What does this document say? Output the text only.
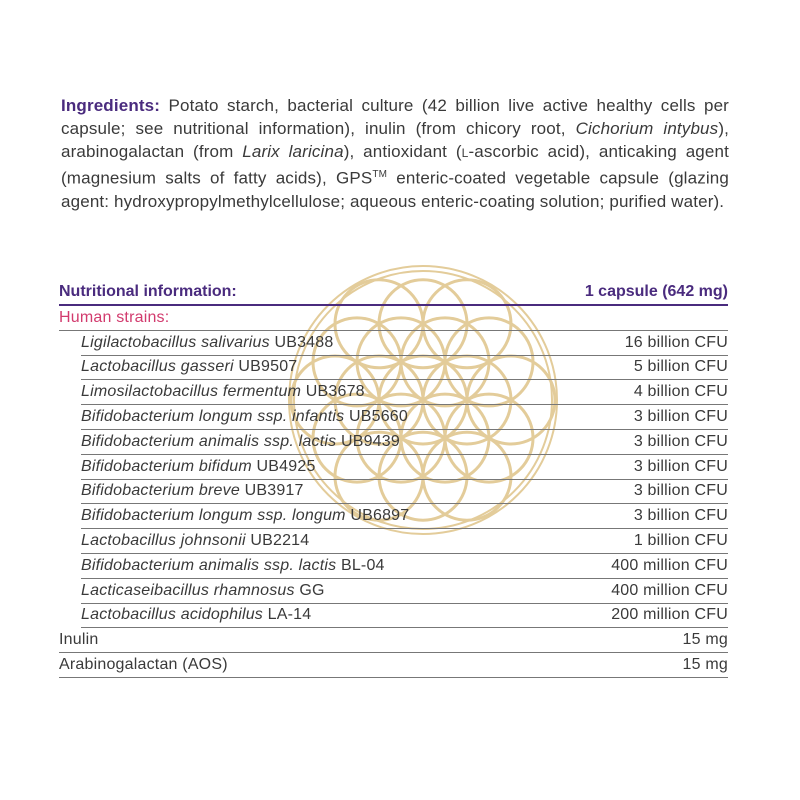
Ingredients: Potato starch, bacterial culture (42 billion live active healthy cells per capsule; see nutritional information), inulin (from chicory root, Cichorium intybus), arabinogalactan (from Larix laricina), antioxidant (l-ascorbic acid), anticaking agent (magnesium salts of fatty acids), GPS™ enteric-coated vegetable capsule (glazing agent: hydroxypropylmethylcellulose; aqueous enteric-coating solution; purified water).
Nutritional information:	1 capsule (642 mg)
Human strains:
Ligilactobacillus salivarius UB3488	16 billion CFU
Lactobacillus gasseri UB9507	5 billion CFU
Limosilactobacillus fermentum UB3678	4 billion CFU
Bifidobacterium longum ssp. infantis UB5660	3 billion CFU
Bifidobacterium animalis ssp. lactis UB9439	3 billion CFU
Bifidobacterium bifidum UB4925	3 billion CFU
Bifidobacterium breve UB3917	3 billion CFU
Bifidobacterium longum ssp. longum UB6897	3 billion CFU
Lactobacillus johnsonii UB2214	1 billion CFU
Bifidobacterium animalis ssp. lactis BL-04	400 million CFU
Lacticaseibacillus rhamnosus GG	400 million CFU
Lactobacillus acidophilus LA-14	200 million CFU
Inulin	15 mg
Arabinogalactan (AOS)	15 mg
